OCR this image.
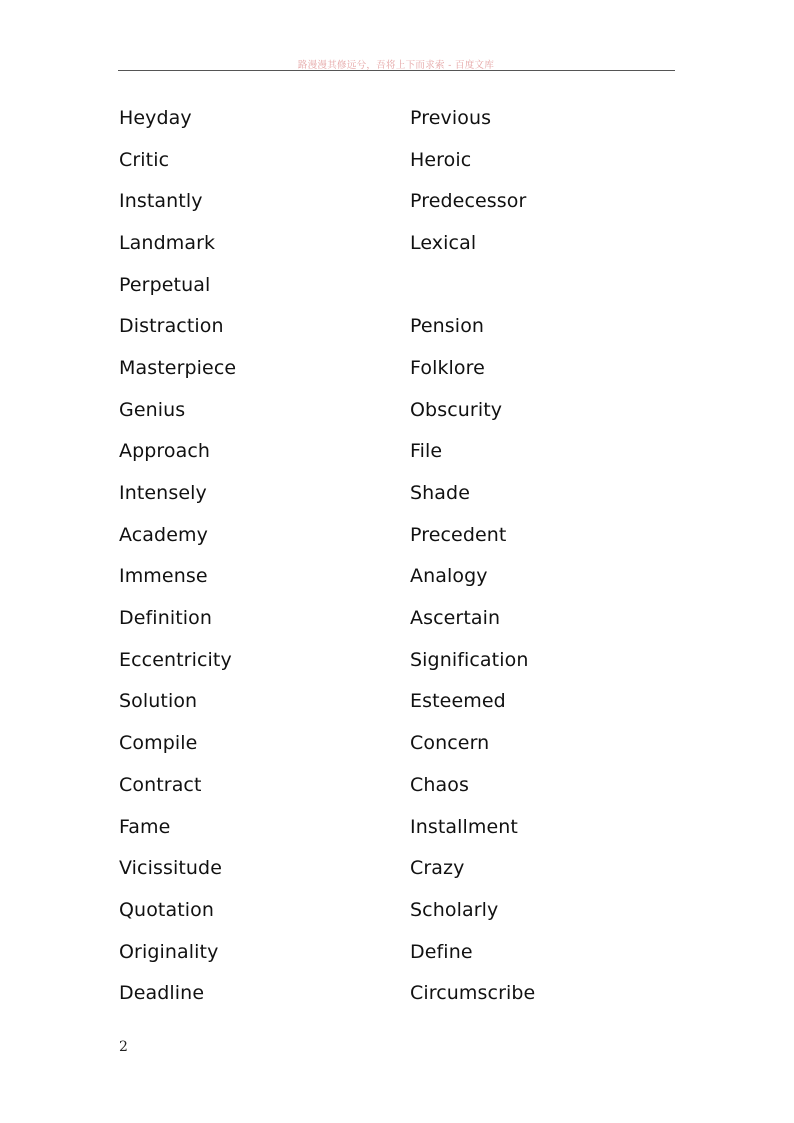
路漫漫其修远兮，吾将上下而求索 - 百度文库
Heyday	Previous
Critic	Heroic
Instantly	Predecessor
Landmark	Lexical
Perpetual
Distraction	Pension
Masterpiece	Folklore
Genius	Obscurity
Approach	File
Intensely	Shade
Academy	Precedent
Immense	Analogy
Definition	Ascertain
Eccentricity	Signification
Solution	Esteemed
Compile	Concern
Contract	Chaos
Fame	Installment
Vicissitude	Crazy
Quotation	Scholarly
Originality	Define
Deadline	Circumscribe
2
